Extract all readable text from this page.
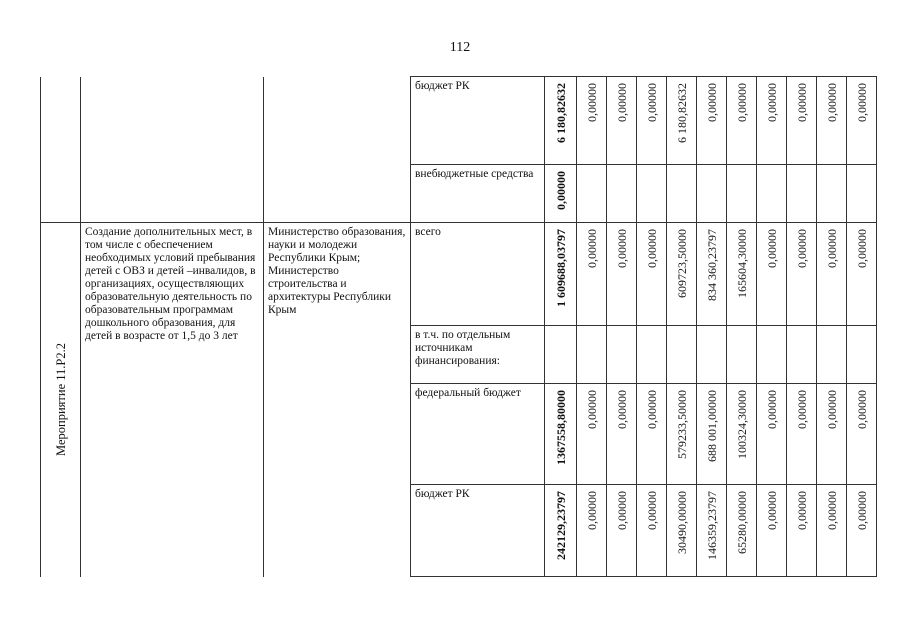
112
			бюджет РК	6 180,82632	0,00000	0,00000	0,00000	6 180,82632	0,00000	0,00000	0,00000	0,00000	0,00000	0,00000

			внебюджетные средства	0,00000										

Мероприятие 11.P2.2	Создание дополнительных мест, в том числе с обеспечением необходимых условий пребывания детей с ОВЗ и детей –инвалидов, в организациях, осуществляющих образовательную деятельность по образовательным программам дошкольного образования, для детей в возрасте от 1,5 до 3 лет	Министерство образования, науки и молодежи Республики Крым; Министерство строительства и архитектуры Республики Крым	всего	1 609688,03797	0,00000	0,00000	0,00000	609723,50000	834 360,23797	165604,30000	0,00000	0,00000	0,00000	0,00000

			в т.ч. по отдельным источникам финансирования:	

			федеральный бюджет	1367558,80000	0,00000	0,00000	0,00000	579233,50000	688 001,00000	100324,30000	0,00000	0,00000	0,00000	0,00000

			бюджет РК	242129,23797	0,00000	0,00000	0,00000	30490,00000	146359,23797	65280,00000	0,00000	0,00000	0,00000	0,00000
